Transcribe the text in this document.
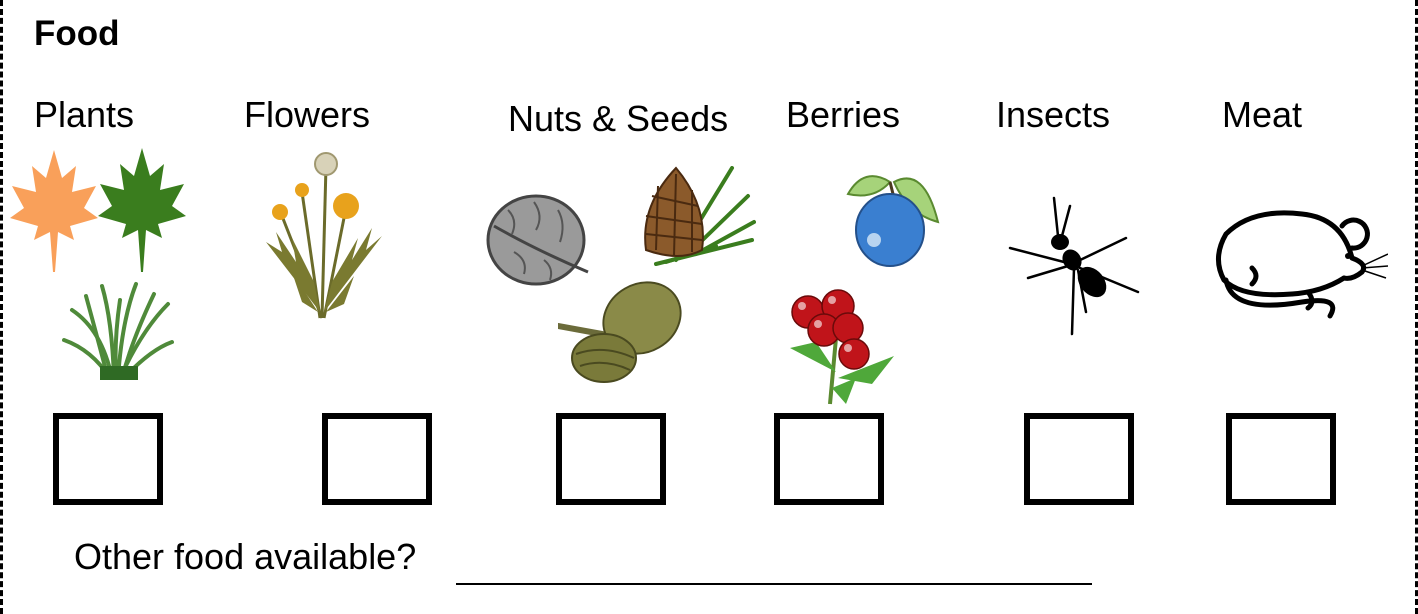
Food
Plants	Flowers	Nuts & Seeds Berries	Insects	Meat
Other food available?
